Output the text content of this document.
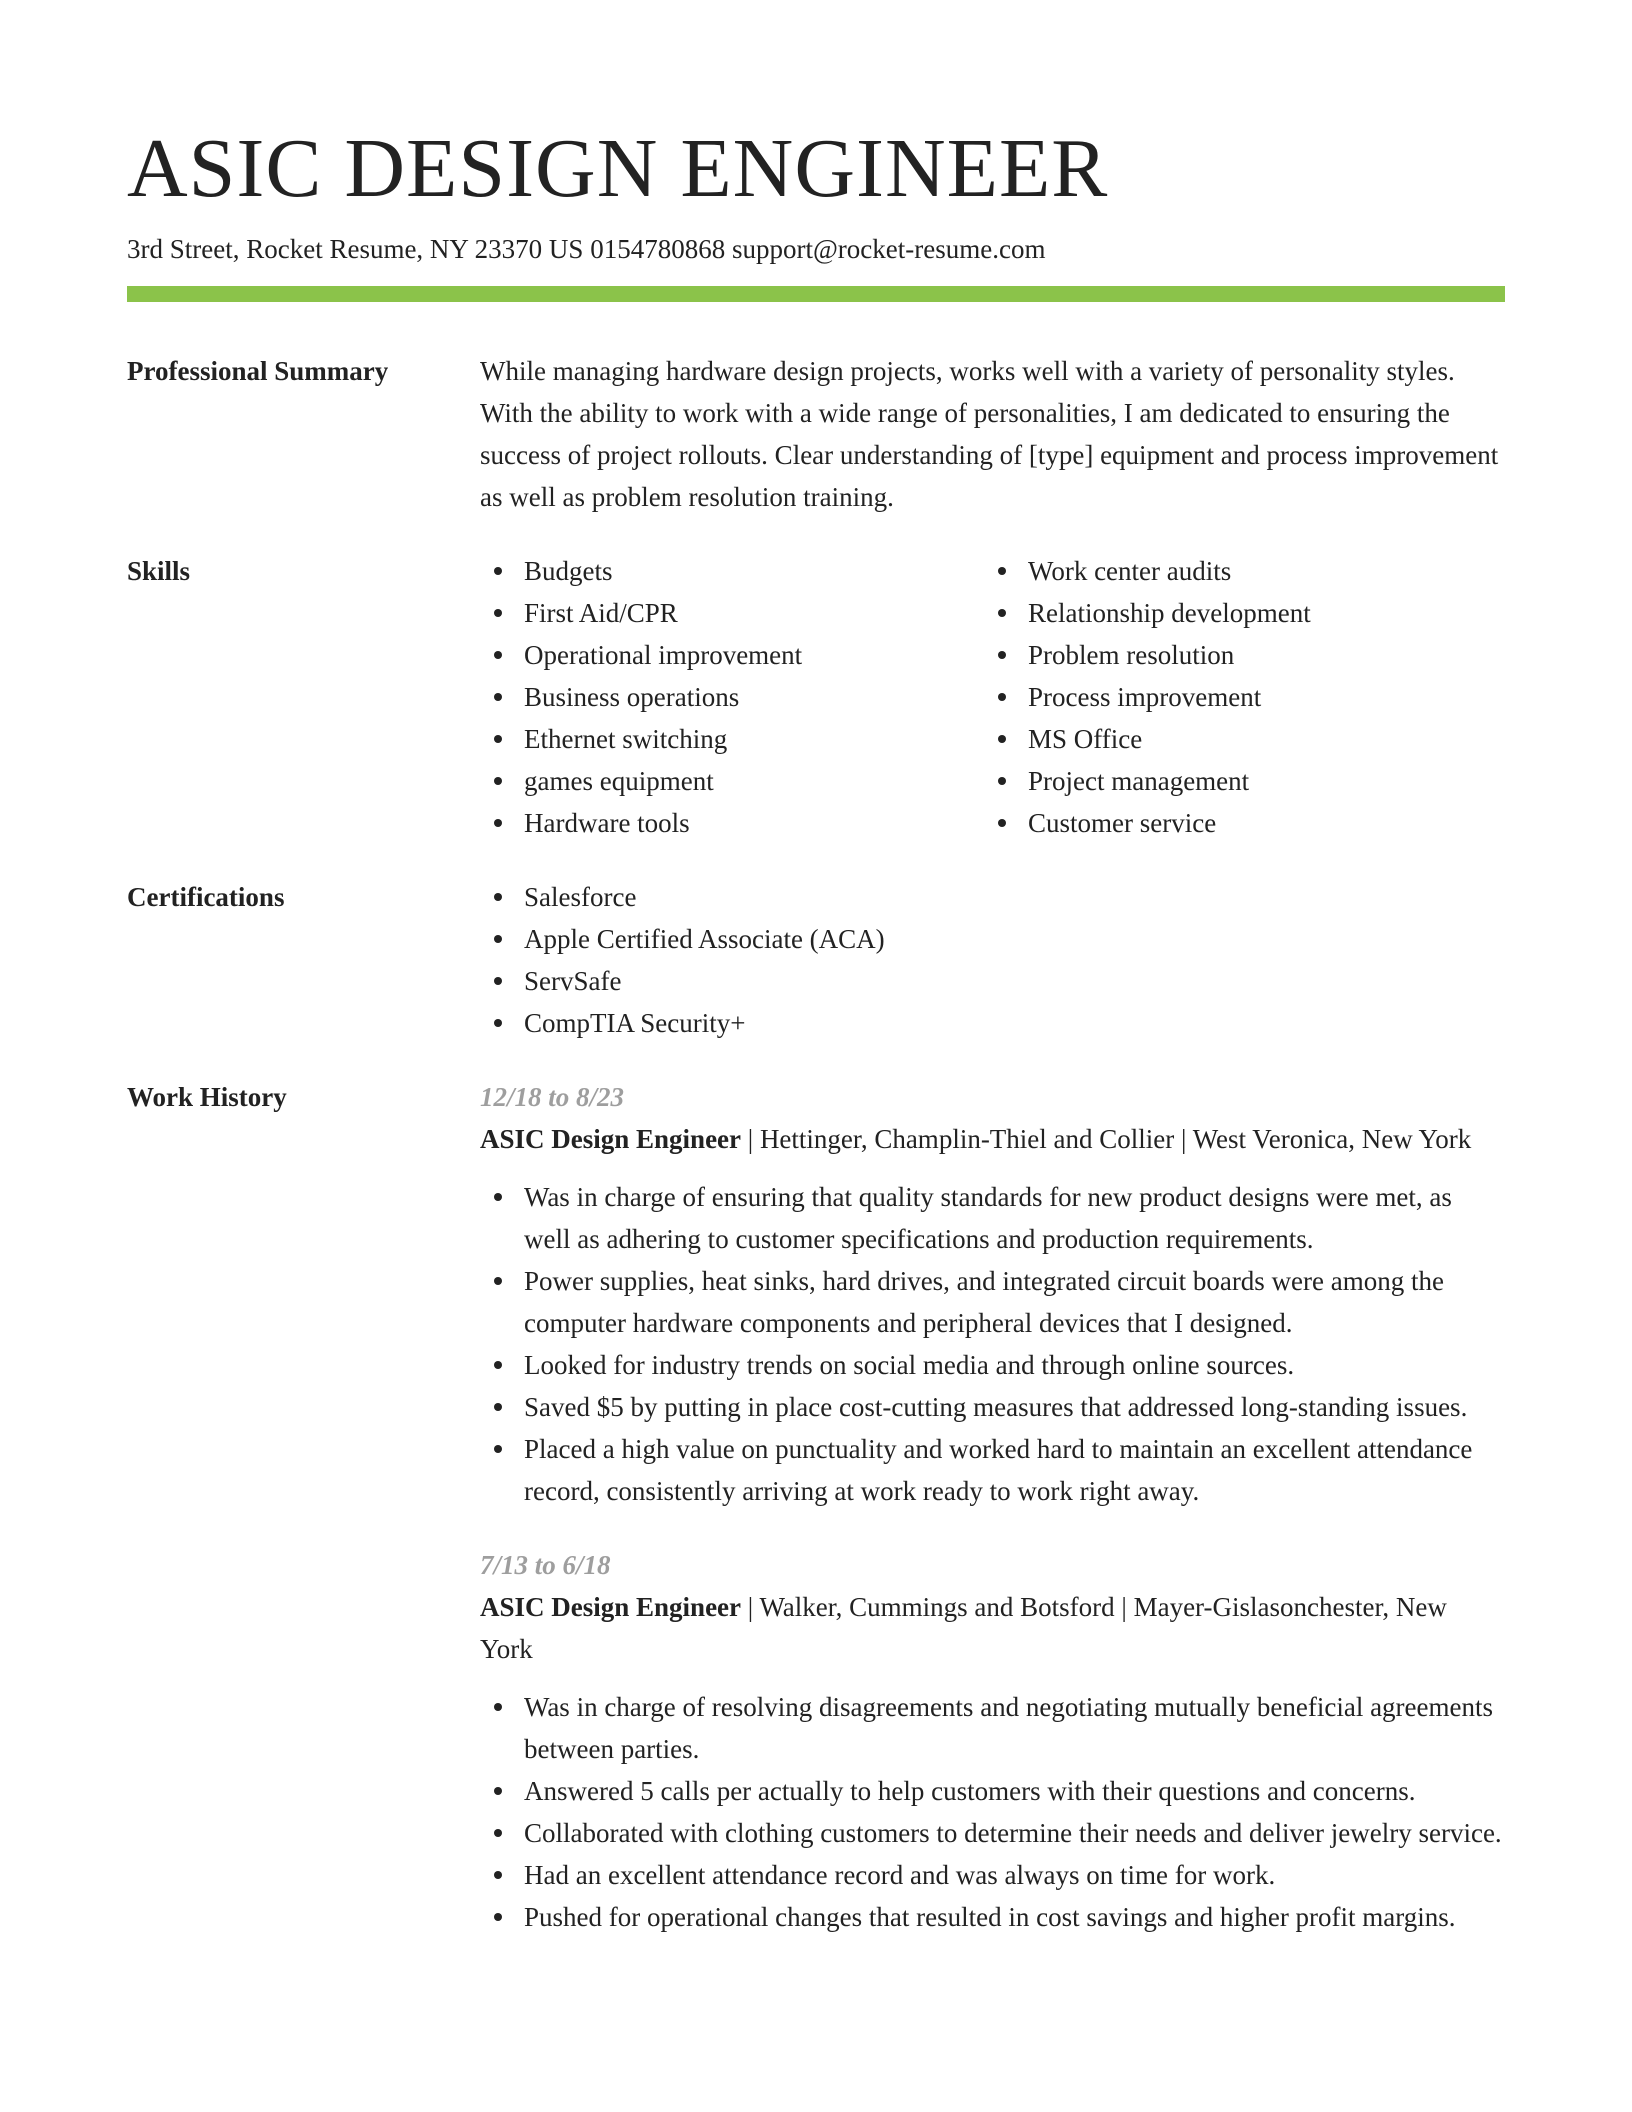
ASIC DESIGN ENGINEER
3rd Street, Rocket Resume, NY 23370 US 0154780868 support@rocket-resume.com
Professional Summary	While managing hardware design projects, works well with a variety of personality styles. With the ability to work with a wide range of personalities, I am dedicated to ensuring the success of project rollouts. Clear understanding of [type] equipment and process improvement as well as problem resolution training.

Skills	Budgets
First Aid/CPR
Operational improvement
Business operations
Ethernet switching
games equipment
Hardware tools
Work center audits
Relationship development
Problem resolution
Process improvement
MS Office
Project management
Customer service
Certifications	Salesforce
Apple Certified Associate (ACA)
ServSafe
CompTIA Security+
Work History	12/18 to 8/23
ASIC Design Engineer | Hettinger, Champlin-Thiel and Collier | West Veronica, New York
Was in charge of ensuring that quality standards for new product designs were met, as well as adhering to customer specifications and production requirements.
Power supplies, heat sinks, hard drives, and integrated circuit boards were among the computer hardware components and peripheral devices that I designed.
Looked for industry trends on social media and through online sources.
Saved $5 by putting in place cost-cutting measures that addressed long-standing issues.
Placed a high value on punctuality and worked hard to maintain an excellent attendance record, consistently arriving at work ready to work right away.
7/13 to 6/18
ASIC Design Engineer | Walker, Cummings and Botsford | Mayer-Gislasonchester, New York
Was in charge of resolving disagreements and negotiating mutually beneficial agreements between parties.
Answered 5 calls per actually to help customers with their questions and concerns.
Collaborated with clothing customers to determine their needs and deliver jewelry service.
Had an excellent attendance record and was always on time for work.
Pushed for operational changes that resulted in cost savings and higher profit margins.
